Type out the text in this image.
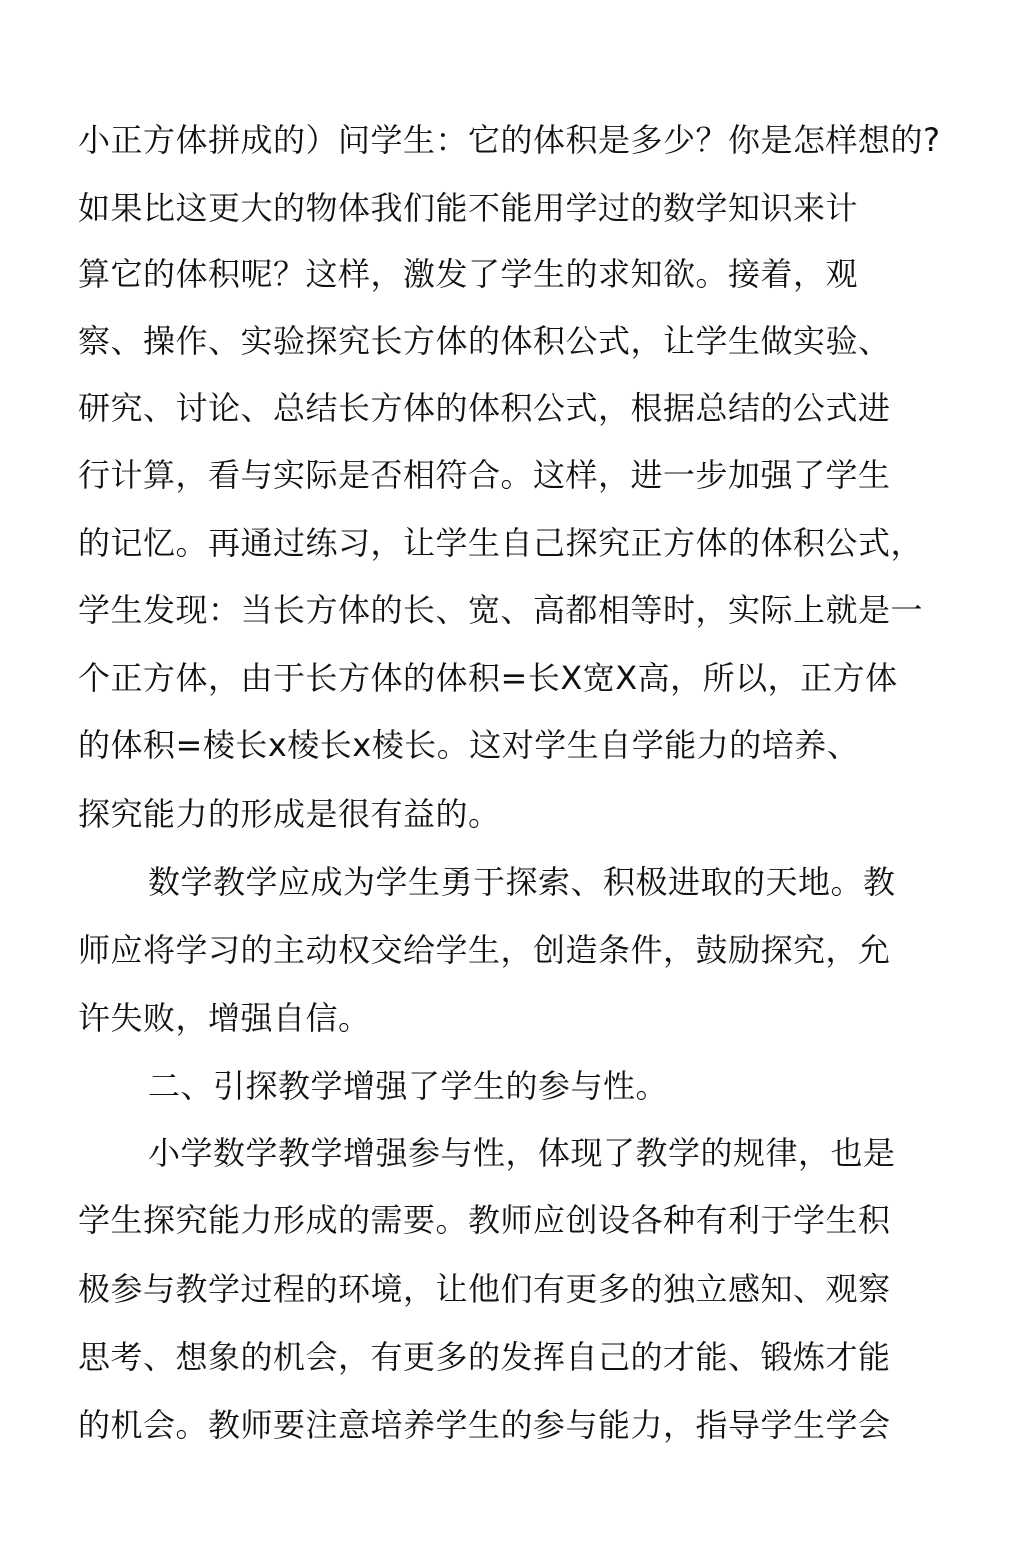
小正方体拼成的）问学生：它的体积是多少？你是怎样想的?
如果比这更大的物体我们能不能用学过的数学知识来计
算它的体积呢？这样，激发了学生的求知欲。接着，观
察、操作、实验探究长方体的体积公式，让学生做实验、
研究、讨论、总结长方体的体积公式，根据总结的公式进
行计算，看与实际是否相符合。这样，进一步加强了学生
的记忆。再通过练习，让学生自己探究正方体的体积公式，
学生发现：当长方体的长、宽、高都相等时，实际上就是一
个正方体，由于长方体的体积=长X宽X高，所以，正方体
的体积=棱长x棱长x棱长。这对学生自学能力的培养、
探究能力的形成是很有益的。
数学教学应成为学生勇于探索、积极进取的天地。教
师应将学习的主动权交给学生，创造条件，鼓励探究，允
许失败，增强自信。
二、引探教学增强了学生的参与性。
小学数学教学增强参与性，体现了教学的规律，也是
学生探究能力形成的需要。教师应创设各种有利于学生积
极参与教学过程的环境，让他们有更多的独立感知、观察
思考、想象的机会，有更多的发挥自己的才能、锻炼才能
的机会。教师要注意培养学生的参与能力，指导学生学会
